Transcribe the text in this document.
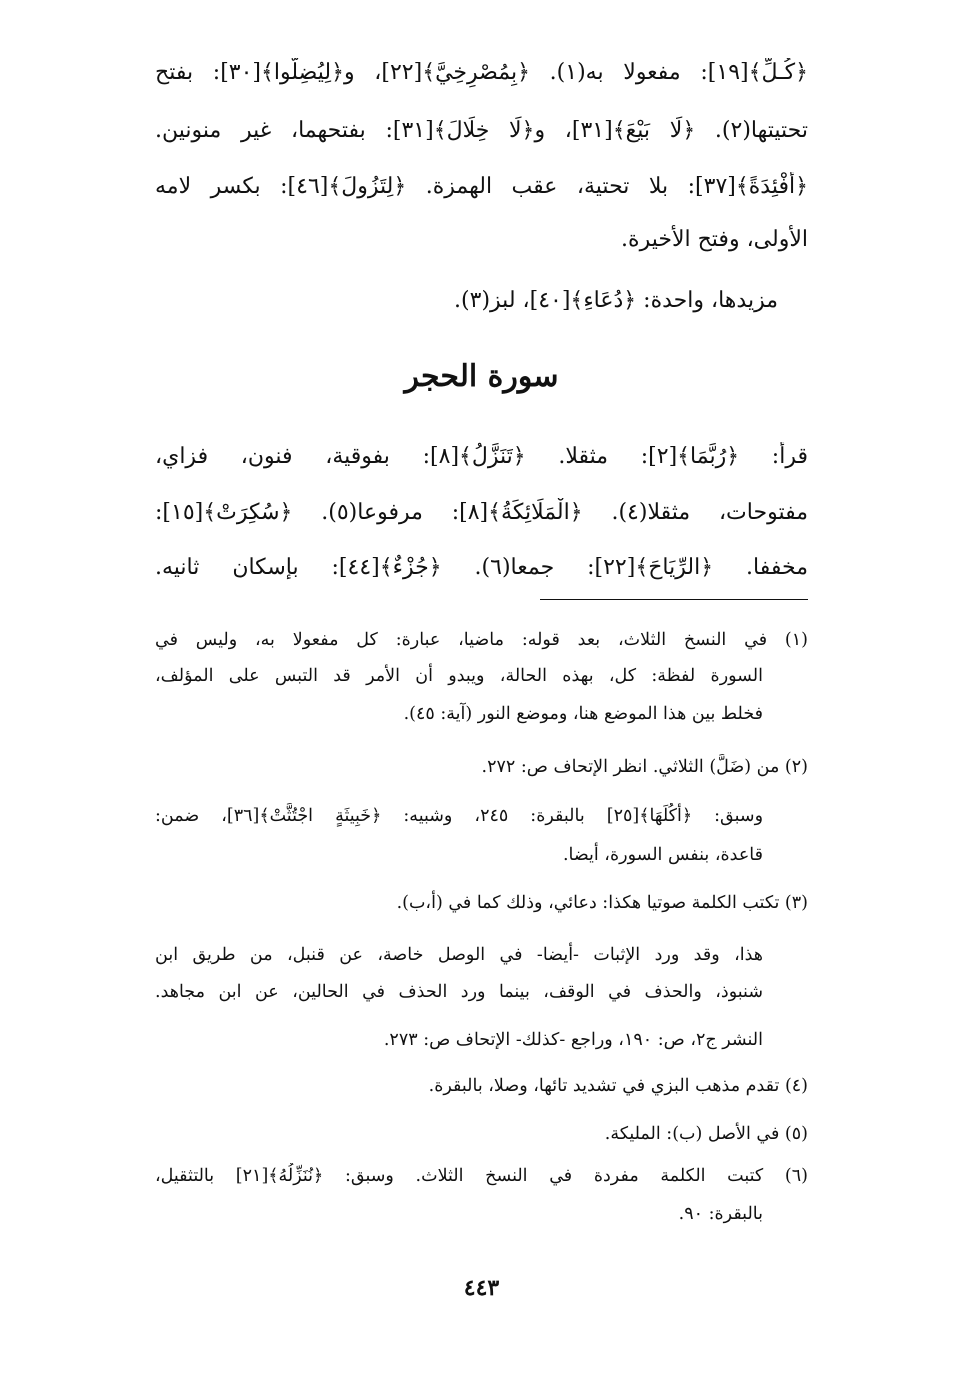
﴿كُـلِّ﴾[١٩]: مفعولا به(١). ﴿بِمُصْرِخِيَّ﴾[٢٢]، و﴿لِيُضِلُّوا﴾[٣٠]: بفتح
تحتيتها(٢). ﴿لَا بَيْعَ﴾[٣١]، و﴿لَا خِلَالَ﴾[٣١]: بفتحهما، غير منونين.
﴿أَفْئِدَةً﴾[٣٧]: بلا تحتية، عقب الهمزة. ﴿لِتَزُولَ﴾[٤٦]: بكسر لامه
الأولى، وفتح الأخيرة.
مزيدها، واحدة: ﴿دُعَاءِ﴾[٤٠]، لبز(٣).
سورة الحجر
قرأ: ﴿رُبَّمَا﴾[٢]: مثقلا. ﴿تَنَزَّلُ﴾[٨]: بفوقية، فنون، فزاي،
مفتوحات، مثقلا(٤). ﴿الْمَلَائِكَةُ﴾[٨]: مرفوعا(٥). ﴿سُكِرَتْ﴾[١٥]:
مخففا. ﴿الرِّيَاحَ﴾[٢٢]: جمعا(٦). ﴿جُزْءٌ﴾[٤٤]: بإسكان ثانيه.
(١) في النسخ الثلاث، بعد قوله: ماضيا، عبارة: كل مفعولا به، وليس في
السورة لفظة: كل، بهذه الحالة، ويبدو أن الأمر قد التبس على المؤلف،
فخلط بين هذا الموضع هنا، وموضع النور (آية: ٤٥).
(٢) من (ضَلَّ) الثلاثي. انظر الإتحاف ص: ٢٧٢.
وسبق: ﴿أُكُلَهَا﴾[٢٥] بالبقرة: ٢٤٥، وشبيه: ﴿خَبِيثَةٍ اجْتُثَّتْ﴾[٣٦]، ضمن:
قاعدة، بنفس السورة، أيضا.
(٣) تكتب الكلمة صوتيا هكذا: دعائي، وذلك كما في (أ،ب).
هذا، وقد ورد الإثبات -أيضا- في الوصل خاصة، عن قنبل، من طريق ابن
شنبوذ، والحذف في الوقف، بينما ورد الحذف في الحالين، عن ابن مجاهد.
النشر ج٢، ص: ١٩٠، وراجع -كذلك- الإتحاف ص: ٢٧٣.
(٤) تقدم مذهب البزي في تشديد تائها، وصلا، بالبقرة.
(٥) في الأصل (ب): المليكة.
(٦) كتبت الكلمة مفردة في النسخ الثلاث. وسبق: ﴿نُنَزِّلُهُ﴾[٢١] بالتثقيل،
بالبقرة: ٩٠.
٤٤٣
